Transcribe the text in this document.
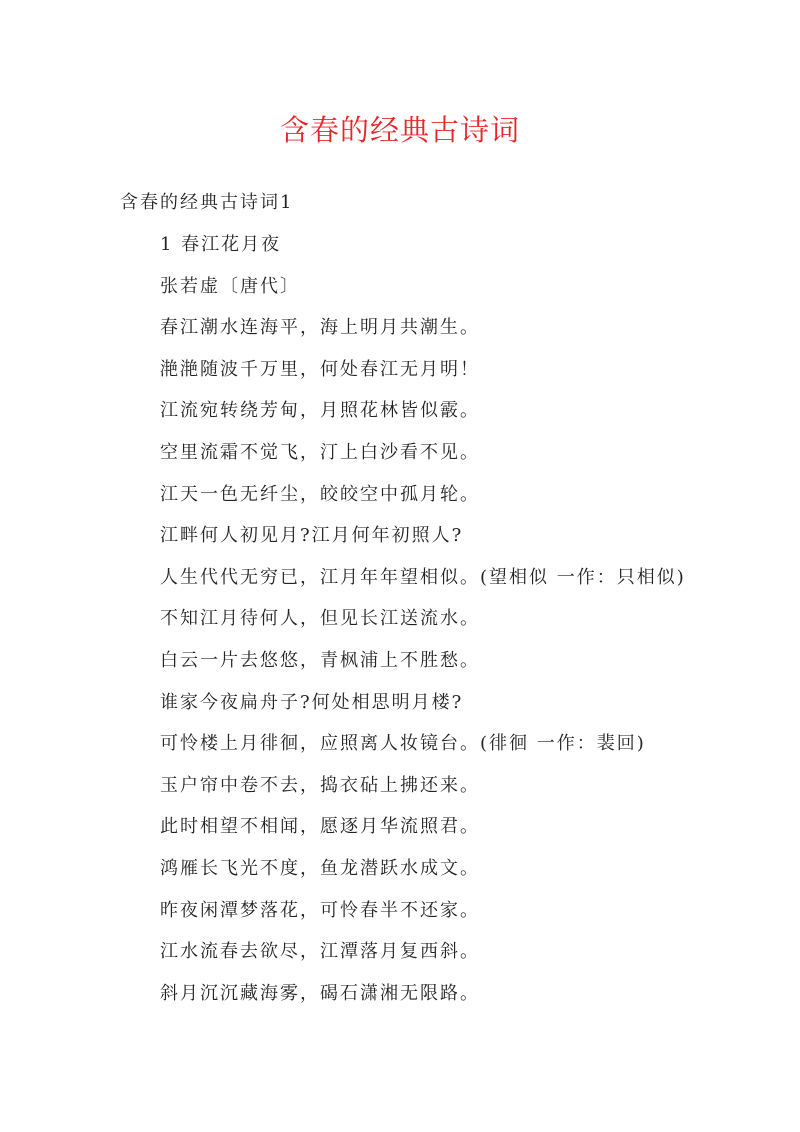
含春的经典古诗词
含春的经典古诗词1
1 春江花月夜
张若虚〔唐代〕
春江潮水连海平，海上明月共潮生。
滟滟随波千万里，何处春江无月明！
江流宛转绕芳甸，月照花林皆似霰。
空里流霜不觉飞，汀上白沙看不见。
江天一色无纤尘，皎皎空中孤月轮。
江畔何人初见月?江月何年初照人?
人生代代无穷已，江月年年望相似。(望相似 一作：只相似)
不知江月待何人，但见长江送流水。
白云一片去悠悠，青枫浦上不胜愁。
谁家今夜扁舟子?何处相思明月楼?
可怜楼上月徘徊，应照离人妆镜台。(徘徊 一作：裴回)
玉户帘中卷不去，捣衣砧上拂还来。
此时相望不相闻，愿逐月华流照君。
鸿雁长飞光不度，鱼龙潜跃水成文。
昨夜闲潭梦落花，可怜春半不还家。
江水流春去欲尽，江潭落月复西斜。
斜月沉沉藏海雾，碣石潇湘无限路。
